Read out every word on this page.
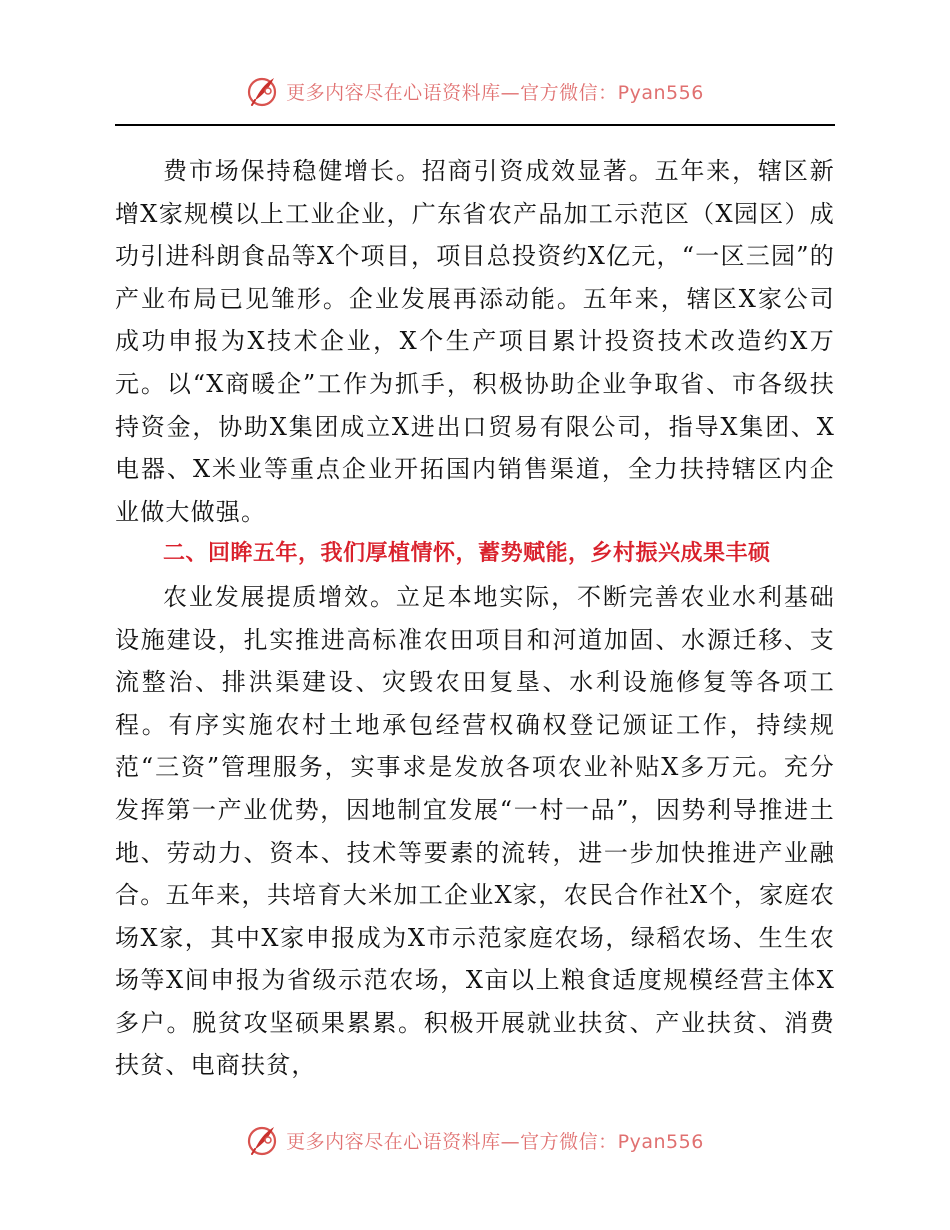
更多内容尽在心语资料库—官方微信：Pyan556

费市场保持稳健增长。招商引资成效显著。五年来，辖区新增X家规模以上工业企业，广东省农产品加工示范区（X园区）成功引进科朗食品等X个项目，项目总投资约X亿元，“一区三园”的产业布局已见雏形。企业发展再添动能。五年来，辖区X家公司成功申报为X技术企业，X个生产项目累计投资技术改造约X万元。以“X商暖企”工作为抓手，积极协助企业争取省、市各级扶持资金，协助X集团成立X进出口贸易有限公司，指导X集团、X电器、X米业等重点企业开拓国内销售渠道，全力扶持辖区内企业做大做强。

二、回眸五年，我们厚植情怀，蓄势赋能，乡村振兴成果丰硕

农业发展提质增效。立足本地实际，不断完善农业水利基础设施建设，扎实推进高标准农田项目和河道加固、水源迁移、支流整治、排洪渠建设、灾毁农田复垦、水利设施修复等各项工程。有序实施农村土地承包经营权确权登记颁证工作，持续规范“三资”管理服务，实事求是发放各项农业补贴X多万元。充分发挥第一产业优势，因地制宜发展“一村一品”，因势利导推进土地、劳动力、资本、技术等要素的流转，进一步加快推进产业融合。五年来，共培育大米加工企业X家，农民合作社X个，家庭农场X家，其中X家申报成为X市示范家庭农场，绿稻农场、生生农场等X间申报为省级示范农场，X亩以上粮食适度规模经营主体X多户。脱贫攻坚硕果累累。积极开展就业扶贫、产业扶贫、消费扶贫、电商扶贫，

更多内容尽在心语资料库—官方微信：Pyan556
